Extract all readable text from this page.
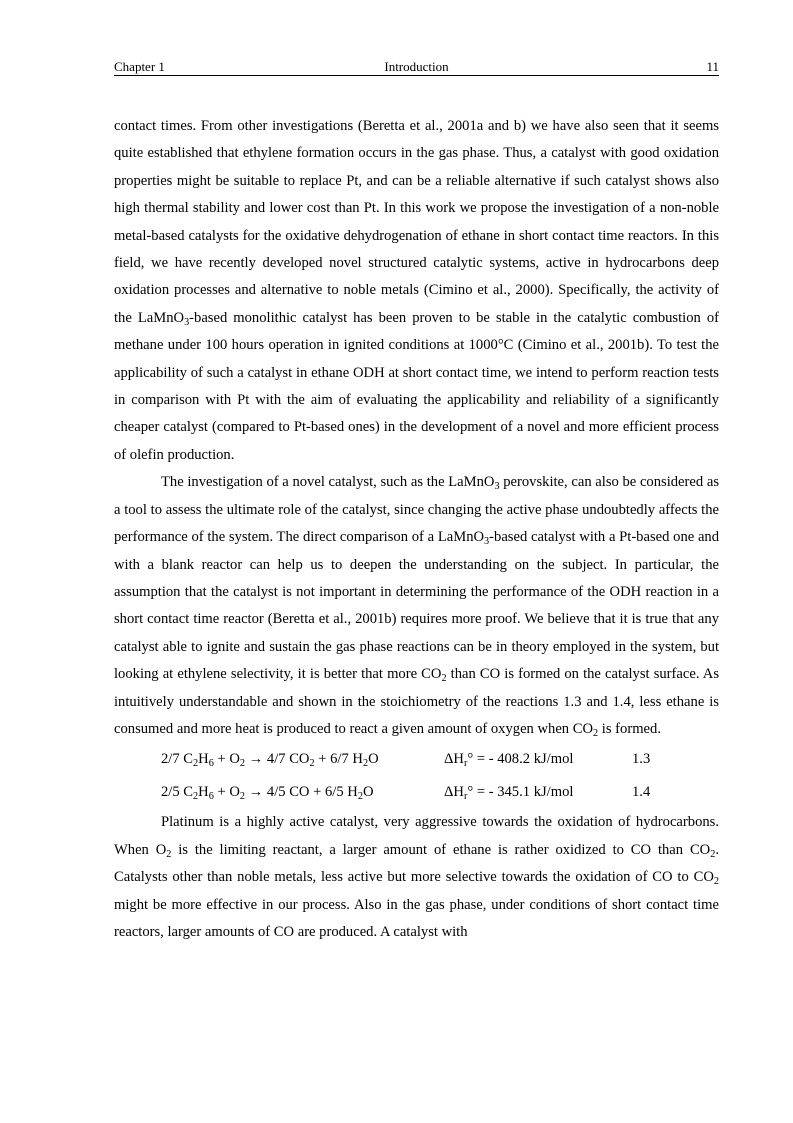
Chapter 1	Introduction	11

contact times. From other investigations (Beretta et al., 2001a and b) we have also seen that it seems quite established that ethylene formation occurs in the gas phase. Thus, a catalyst with good oxidation properties might be suitable to replace Pt, and can be a reliable alternative if such catalyst shows also high thermal stability and lower cost than Pt. In this work we propose the investigation of a non-noble metal-based catalysts for the oxidative dehydrogenation of ethane in short contact time reactors. In this field, we have recently developed novel structured catalytic systems, active in hydrocarbons deep oxidation processes and alternative to noble metals (Cimino et al., 2000). Specifically, the activity of the LaMnO$_3$-based monolithic catalyst has been proven to be stable in the catalytic combustion of methane under 100 hours operation in ignited conditions at 1000°C (Cimino et al., 2001b). To test the applicability of such a catalyst in ethane ODH at short contact time, we intend to perform reaction tests in comparison with Pt with the aim of evaluating the applicability and reliability of a significantly cheaper catalyst (compared to Pt-based ones) in the development of a novel and more efficient process of olefin production.

The investigation of a novel catalyst, such as the LaMnO$_3$ perovskite, can also be considered as a tool to assess the ultimate role of the catalyst, since changing the active phase undoubtedly affects the performance of the system. The direct comparison of a LaMnO$_3$-based catalyst with a Pt-based one and with a blank reactor can help us to deepen the understanding on the subject. In particular, the assumption that the catalyst is not important in determining the performance of the ODH reaction in a short contact time reactor (Beretta et al., 2001b) requires more proof. We believe that it is true that any catalyst able to ignite and sustain the gas phase reactions can be in theory employed in the system, but looking at ethylene selectivity, it is better that more $CO_2$ than CO is formed on the catalyst surface. As intuitively understandable and shown in the stoichiometry of the reactions 1.3 and 1.4, less ethane is consumed and more heat is produced to react a given amount of oxygen when $CO_2$ is formed.

2/7 $C_2H_6 + O_2 \to 4/7$ $CO_2 + 6/7$ $H_2O$	$\Delta H_r^\circ$ = - 408.2 kJ/mol	1.3
2/5 $C_2H_6 + O_2 \to 4/5$ CO + 6/5 $H_2O$	$\Delta H_r^\circ$ = - 345.1 kJ/mol	1.4

Platinum is a highly active catalyst, very aggressive towards the oxidation of hydrocarbons. When $O_2$ is the limiting reactant, a larger amount of ethane is rather oxidized to CO than $CO_2$. Catalysts other than noble metals, less active but more selective towards the oxidation of CO to $CO_2$ might be more effective in our process. Also in the gas phase, under conditions of short contact time reactors, larger amounts of CO are produced. A catalyst with
